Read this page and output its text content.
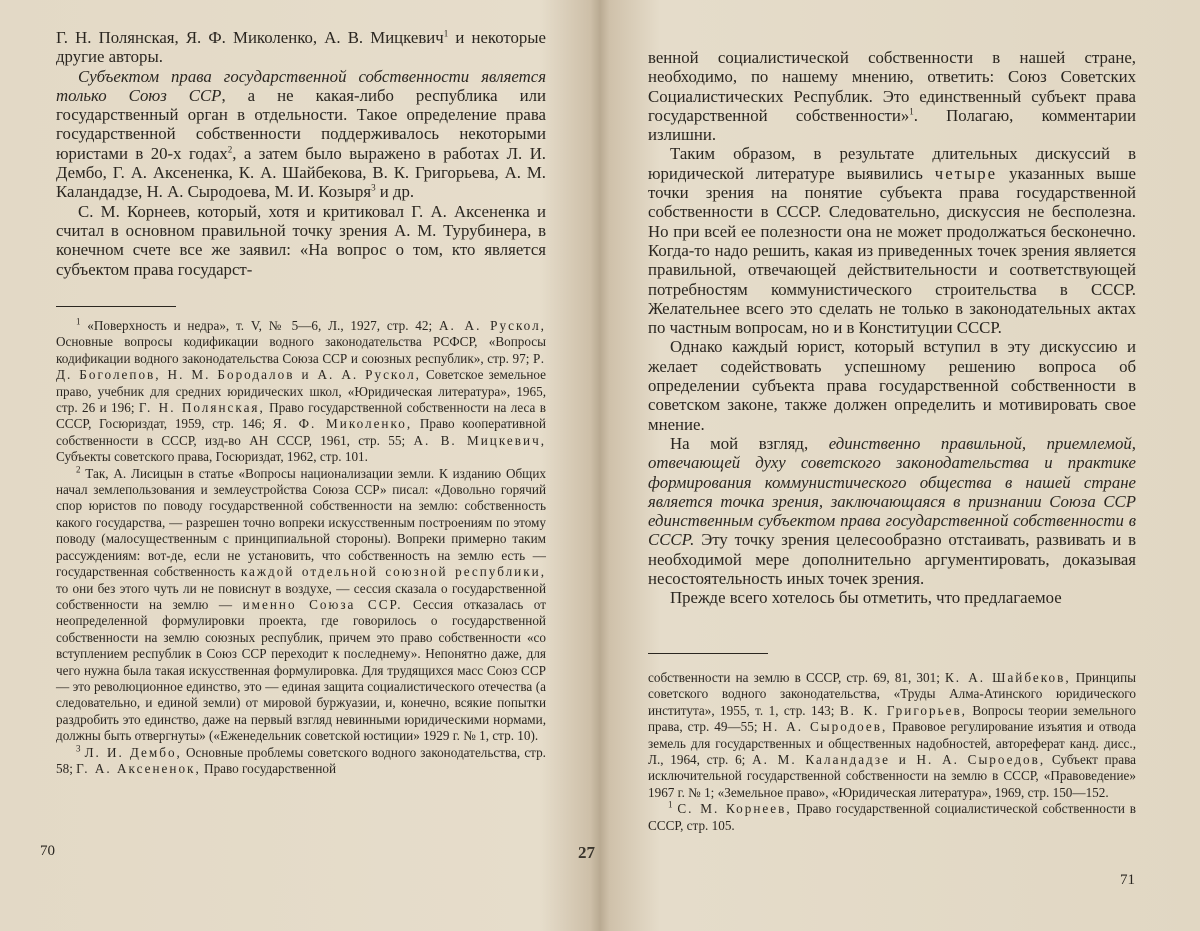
Г. Н. Полянская, Я. Ф. Миколенко, А. В. Мицкевич$^1$ и некоторые другие авторы.

Субъектом права государственной собственности является только Союз ССР, а не какая-либо республика или государственный орган в отдельности. Такое определение права государственной собственности поддерживалось некоторыми юристами в 20-х годах$^2$, а затем было выражено в работах Л. И. Дембо, Г. А. Аксененка, К. А. Шайбекова, В. К. Григорьева, А. М. Каландадзе, Н. А. Сыродоева, М. И. Козыря$^3$ и др.

С. М. Корнеев, который, хотя и критиковал Г. А. Аксененка и считал в основном правильной точку зрения А. М. Турубинера, в конечном счете все же заявил: «На вопрос о том, кто является субъектом права государст-

$^1$ «Поверхность и недра», т. V, № 5—6, Л., 1927, стр. 42; А. А. Рускол, Основные вопросы кодификации водного законодательства РСФСР, «Вопросы кодификации водного законодательства Союза ССР и союзных республик», стр. 97; Р. Д. Боголепов, Н. М. Бородалов и А. А. Рускол, Советское земельное право, учебник для средних юридических школ, «Юридическая литература», 1965, стр. 26 и 196; Г. Н. Полянская, Право государственной собственности на леса в СССР, Госюриздат, 1959, стр. 146; Я. Ф. Миколенко, Право кооперативной собственности в СССР, изд-во АН СССР, 1961, стр. 55; А. В. Мицкевич, Субъекты советского права, Госюриздат, 1962, стр. 101.

$^2$ Так, А. Лисицын в статье «Вопросы национализации земли. К изданию Общих начал землепользования и землеустройства Союза ССР» писал: «Довольно горячий спор юристов по поводу государственной собственности на землю: собственность какого государства, — разрешен точно вопреки искусственным построениям по этому поводу (малосущественным с принципиальной стороны). Вопреки примерно таким рассуждениям: вот-де, если не установить, что собственность на землю есть — государственная собственность каждой отдельной союзной республики, то они без этого чуть ли не повиснут в воздухе, — сессия сказала о государственной собственности на землю — именно Союза ССР. Сессия отказалась от неопределенной формулировки проекта, где говорилось о государственной собственности на землю союзных республик, причем это право собственности «со вступлением республик в Союз ССР переходит к последнему». Непонятно даже, для чего нужна была такая искусственная формулировка. Для трудящихся масс Союз ССР — это революционное единство, это — единая защита социалистического отечества (а следовательно, и единой земли) от мировой буржуазии, и, конечно, всякие попытки раздробить это единство, даже на первый взгляд невинными юридическими нормами, должны быть отвергнуты» («Еженедельник советской юстиции» 1929 г. № 1, стр. 10).

$^3$ Л. И. Дембо, Основные проблемы советского водного законодательства, стр. 58; Г. А. Аксененок, Право государственной

70	27

венной социалистической собственности в нашей стране, необходимо, по нашему мнению, ответить: Союз Советских Социалистических Республик. Это единственный субъект права государственной собственности»$^1$. Полагаю, комментарии излишни.

Таким образом, в результате длительных дискуссий в юридической литературе выявились четыре указанных выше точки зрения на понятие субъекта права государственной собственности в СССР. Следовательно, дискуссия не бесполезна. Но при всей ее полезности она не может продолжаться бесконечно. Когда-то надо решить, какая из приведенных точек зрения является правильной, отвечающей действительности и соответствующей потребностям коммунистического строительства в СССР. Желательнее всего это сделать не только в законодательных актах по частным вопросам, но и в Конституции СССР.

Однако каждый юрист, который вступил в эту дискуссию и желает содействовать успешному решению вопроса об определении субъекта права государственной собственности в советском законе, также должен определить и мотивировать свое мнение.

На мой взгляд, единственно правильной, приемлемой, отвечающей духу советского законодательства и практике формирования коммунистического общества в нашей стране является точка зрения, заключающаяся в признании Союза ССР единственным субъектом права государственной собственности в СССР. Эту точку зрения целесообразно отстаивать, развивать и в необходимой мере дополнительно аргументировать, доказывая несостоятельность иных точек зрения.

Прежде всего хотелось бы отметить, что предлагаемое

собственности на землю в СССР, стр. 69, 81, 301; К. А. Шайбеков, Принципы советского водного законодательства, «Труды Алма-Атинского юридического института», 1955, т. 1, стр. 143; В. К. Григорьев, Вопросы теории земельного права, стр. 49—55; Н. А. Сыродоев, Правовое регулирование изъятия и отвода земель для государственных и общественных надобностей, автореферат канд. дисс., Л., 1964, стр. 6; А. М. Каландадзе и Н. А. Сыроедов, Субъект права исключительной государственной собственности на землю в СССР, «Правоведение» 1967 г. № 1; «Земельное право», «Юридическая литература», 1969, стр. 150—152.

$^1$ С. М. Корнеев, Право государственной социалистической собственности в СССР, стр. 105.

71
